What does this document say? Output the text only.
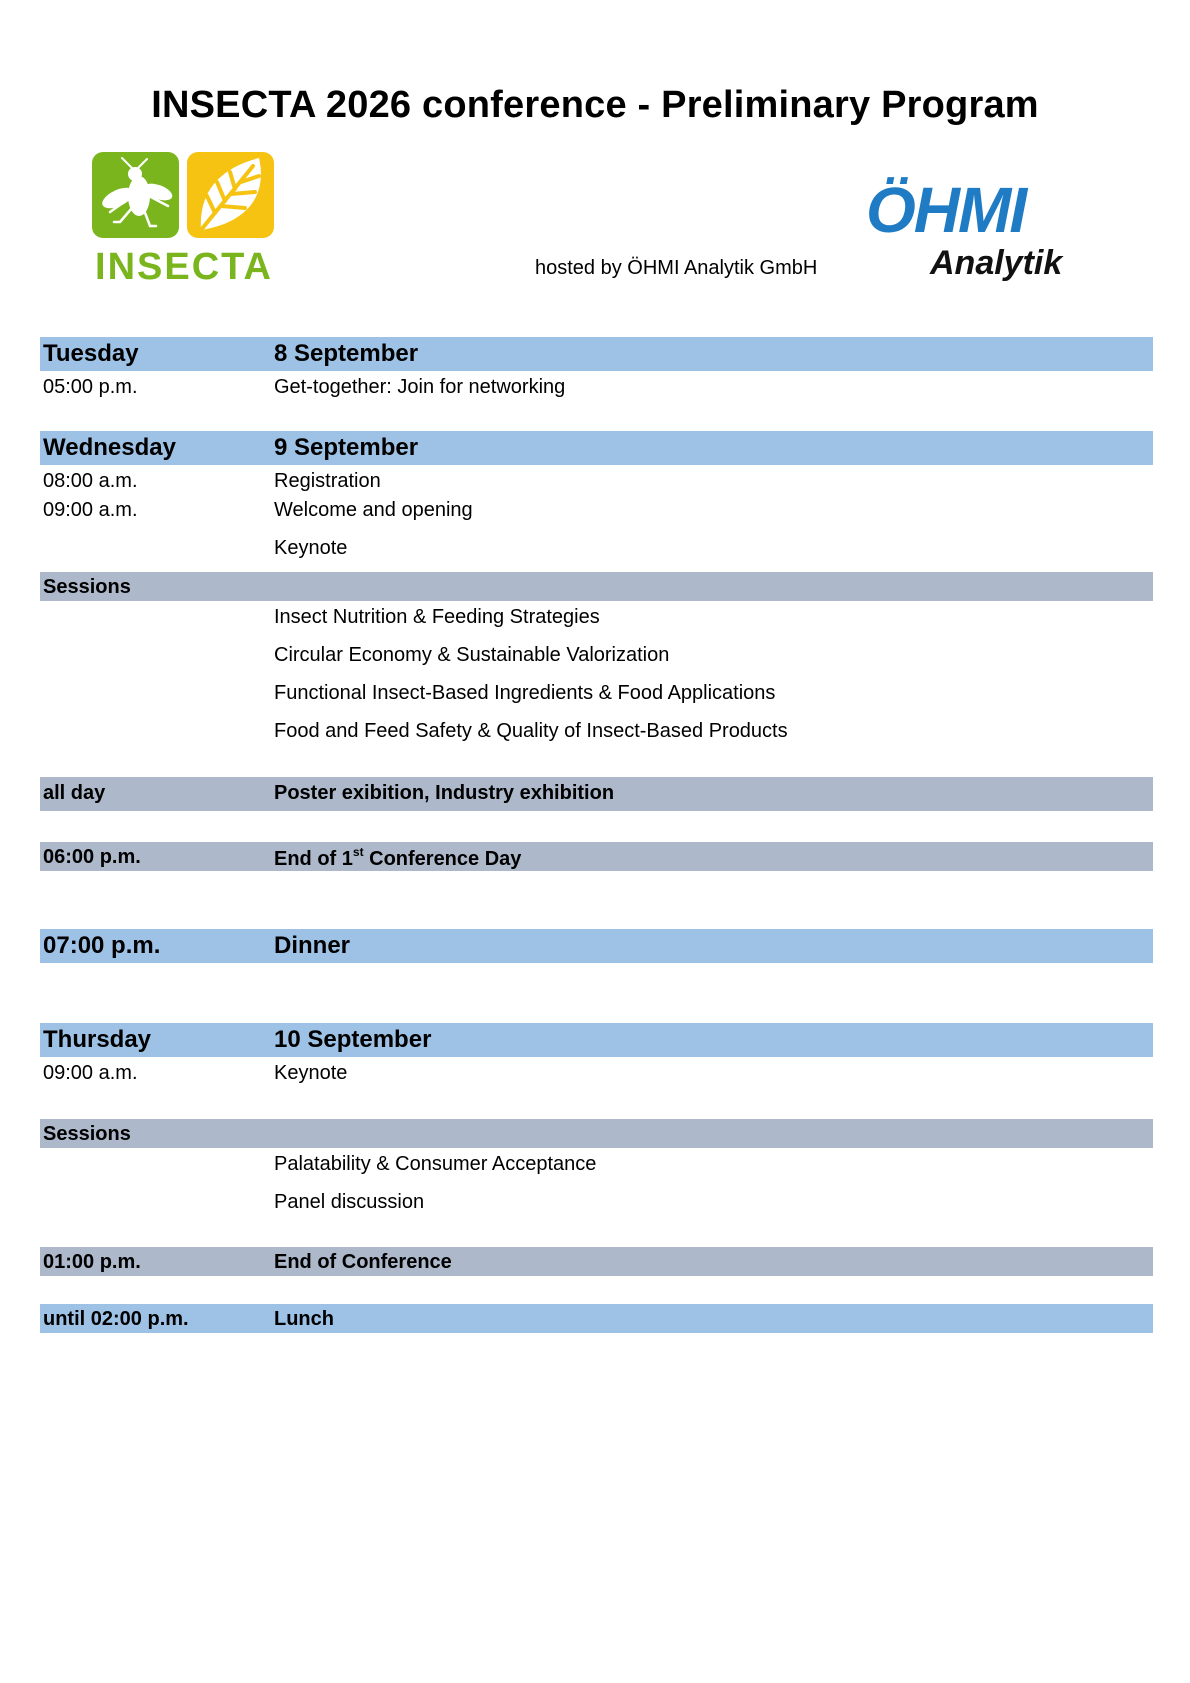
INSECTA 2026 conference - Preliminary Program
INSECTA	hosted by ÖHMI Analytik GmbH
ÖHMI
Analytik
Tuesday	8 September
05:00 p.m.	Get-together: Join for networking
Wednesday	9 September
08:00 a.m.	Registration
09:00 a.m.	Welcome and opening
Keynote
Sessions
Insect Nutrition & Feeding Strategies
Circular Economy & Sustainable Valorization
Functional Insect-Based Ingredients & Food Applications
Food and Feed Safety & Quality of Insect-Based Products
all day	Poster exibition, Industry exhibition
06:00 p.m.	End of 1st Conference Day
07:00 p.m.	Dinner
Thursday	10 September
09:00 a.m.	Keynote
Sessions
Palatability & Consumer Acceptance
Panel discussion
01:00 p.m.	End of Conference
until 02:00 p.m.	Lunch
